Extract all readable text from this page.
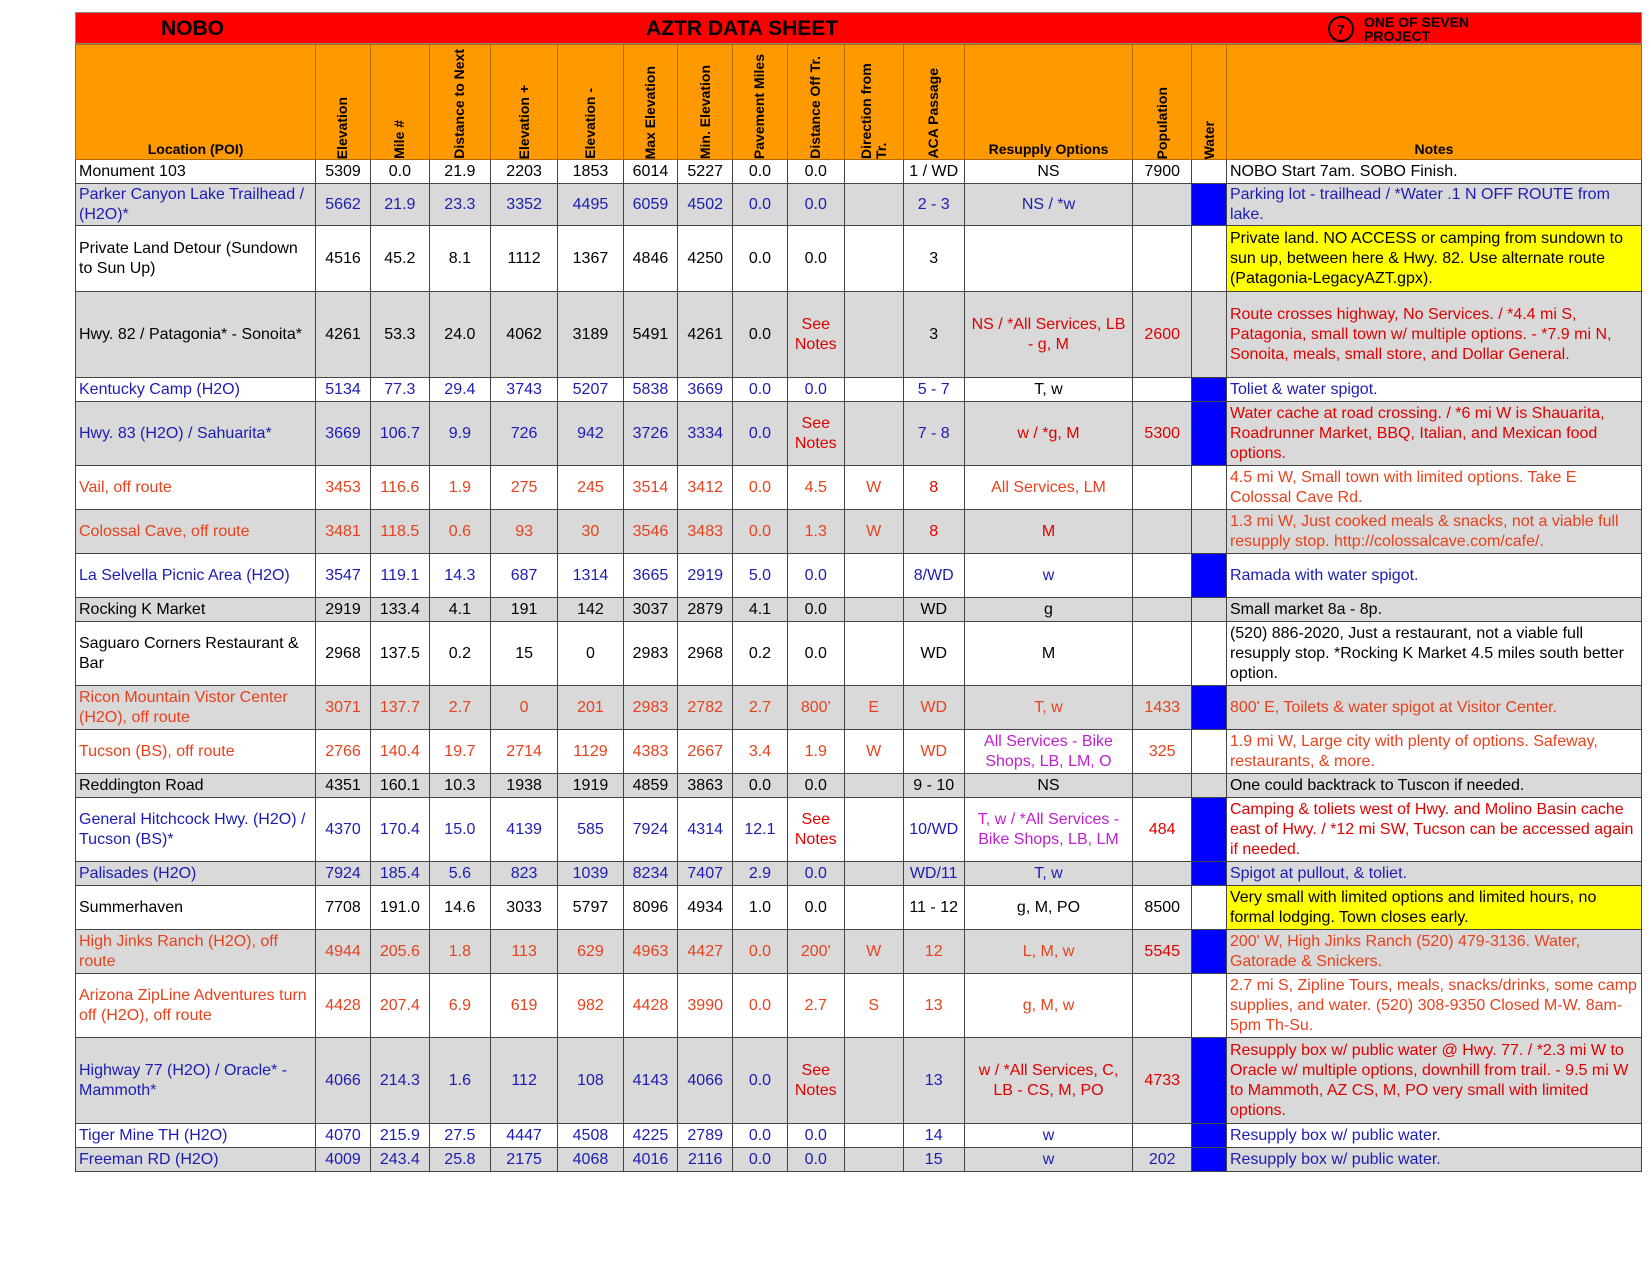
NOBO	AZTR DATA SHEET	7	ONE OF SEVEN PROJECT
Location (POI)	Elevation	Mile #	Distance to Next	Elevation +	Elevation -	Max Elevation	Min. Elevation	Pavement Miles	Distance Off Tr.	Direction from Tr.	ACA Passage	Resupply Options	Population	Water	Notes

Monument 103	5309	0.0	21.9	2203	1853	6014	5227	0.0	0.0		1 / WD	NS	7900		NOBO Start 7am. SOBO Finish.
Parker Canyon Lake Trailhead / (H2O)*	5662	21.9	23.3	3352	4495	6059	4502	0.0	0.0		2 - 3	NS / *w			Parking lot - trailhead / *Water .1 N OFF ROUTE from lake.
Private Land Detour (Sundown to Sun Up)	4516	45.2	8.1	1112	1367	4846	4250	0.0	0.0		3				Private land. NO ACCESS or camping from sundown to sun up, between here & Hwy. 82. Use alternate route (Patagonia-LegacyAZT.gpx).
Hwy. 82 / Patagonia* - Sonoita*	4261	53.3	24.0	4062	3189	5491	4261	0.0	See Notes		3	NS / *All Services, LB - g, M	2600		Route crosses highway, No Services. / *4.4 mi S, Patagonia, small town w/ multiple options. - *7.9 mi N, Sonoita, meals, small store, and Dollar General.
Kentucky Camp (H2O)	5134	77.3	29.4	3743	5207	5838	3669	0.0	0.0		5 - 7	T, w			Toliet & water spigot.
Hwy. 83 (H2O) / Sahuarita*	3669	106.7	9.9	726	942	3726	3334	0.0	See Notes		7 - 8	w / *g, M	5300		Water cache at road crossing. / *6 mi W is Shauarita, Roadrunner Market, BBQ, Italian, and Mexican food options.
Vail, off route	3453	116.6	1.9	275	245	3514	3412	0.0	4.5	W	8	All Services, LM			4.5 mi W, Small town with limited options. Take E Colossal Cave Rd.
Colossal Cave, off route	3481	118.5	0.6	93	30	3546	3483	0.0	1.3	W	8	M			1.3 mi W, Just cooked meals & snacks, not a viable full resupply stop. http://colossalcave.com/cafe/.
La Selvella Picnic Area (H2O)	3547	119.1	14.3	687	1314	3665	2919	5.0	0.0		8/WD	w			Ramada with water spigot.
Rocking K Market	2919	133.4	4.1	191	142	3037	2879	4.1	0.0		WD	g			Small market 8a - 8p.
Saguaro Corners Restaurant & Bar	2968	137.5	0.2	15	0	2983	2968	0.2	0.0		WD	M			(520) 886-2020, Just a restaurant, not a viable full resupply stop. *Rocking K Market 4.5 miles south better option.
Ricon Mountain Vistor Center (H2O), off route	3071	137.7	2.7	0	201	2983	2782	2.7	800'	E	WD	T, w	1433		800' E, Toilets & water spigot at Visitor Center.
Tucson (BS), off route	2766	140.4	19.7	2714	1129	4383	2667	3.4	1.9	W	WD	All Services - Bike Shops, LB, LM, O	325		1.9 mi W, Large city with plenty of options. Safeway, restaurants, & more.
Reddington Road	4351	160.1	10.3	1938	1919	4859	3863	0.0	0.0		9 - 10	NS			One could backtrack to Tuscon if needed.
General Hitchcock Hwy. (H2O) / Tucson (BS)*	4370	170.4	15.0	4139	585	7924	4314	12.1	See Notes		10/WD	T, w / *All Services - Bike Shops, LB, LM	484		Camping & toliets west of Hwy. and Molino Basin cache east of Hwy. / *12 mi SW, Tucson can be accessed again if needed.
Palisades (H2O)	7924	185.4	5.6	823	1039	8234	7407	2.9	0.0		WD/11	T, w			Spigot at pullout, & toliet.
Summerhaven	7708	191.0	14.6	3033	5797	8096	4934	1.0	0.0		11 - 12	g, M, PO	8500		Very small with limited options and limited hours, no formal lodging. Town closes early.
High Jinks Ranch (H2O), off route	4944	205.6	1.8	113	629	4963	4427	0.0	200'	W	12	L, M, w	5545		200' W, High Jinks Ranch (520) 479-3136. Water, Gatorade & Snickers.
Arizona ZipLine Adventures turn off (H2O), off route	4428	207.4	6.9	619	982	4428	3990	0.0	2.7	S	13	g, M, w			2.7 mi S, Zipline Tours, meals, snacks/drinks, some camp supplies, and water. (520) 308-9350 Closed M-W. 8am-5pm Th-Su.
Highway 77 (H2O) / Oracle* - Mammoth*	4066	214.3	1.6	112	108	4143	4066	0.0	See Notes		13	w / *All Services, C, LB - CS, M, PO	4733		Resupply box w/ public water @ Hwy. 77. / *2.3 mi W to Oracle w/ multiple options, downhill from trail. - 9.5 mi W to Mammoth, AZ CS, M, PO very small with limited options.
Tiger Mine TH (H2O)	4070	215.9	27.5	4447	4508	4225	2789	0.0	0.0		14	w			Resupply box w/ public water.
Freeman RD (H2O)	4009	243.4	25.8	2175	4068	4016	2116	0.0	0.0		15	w	202		Resupply box w/ public water.
